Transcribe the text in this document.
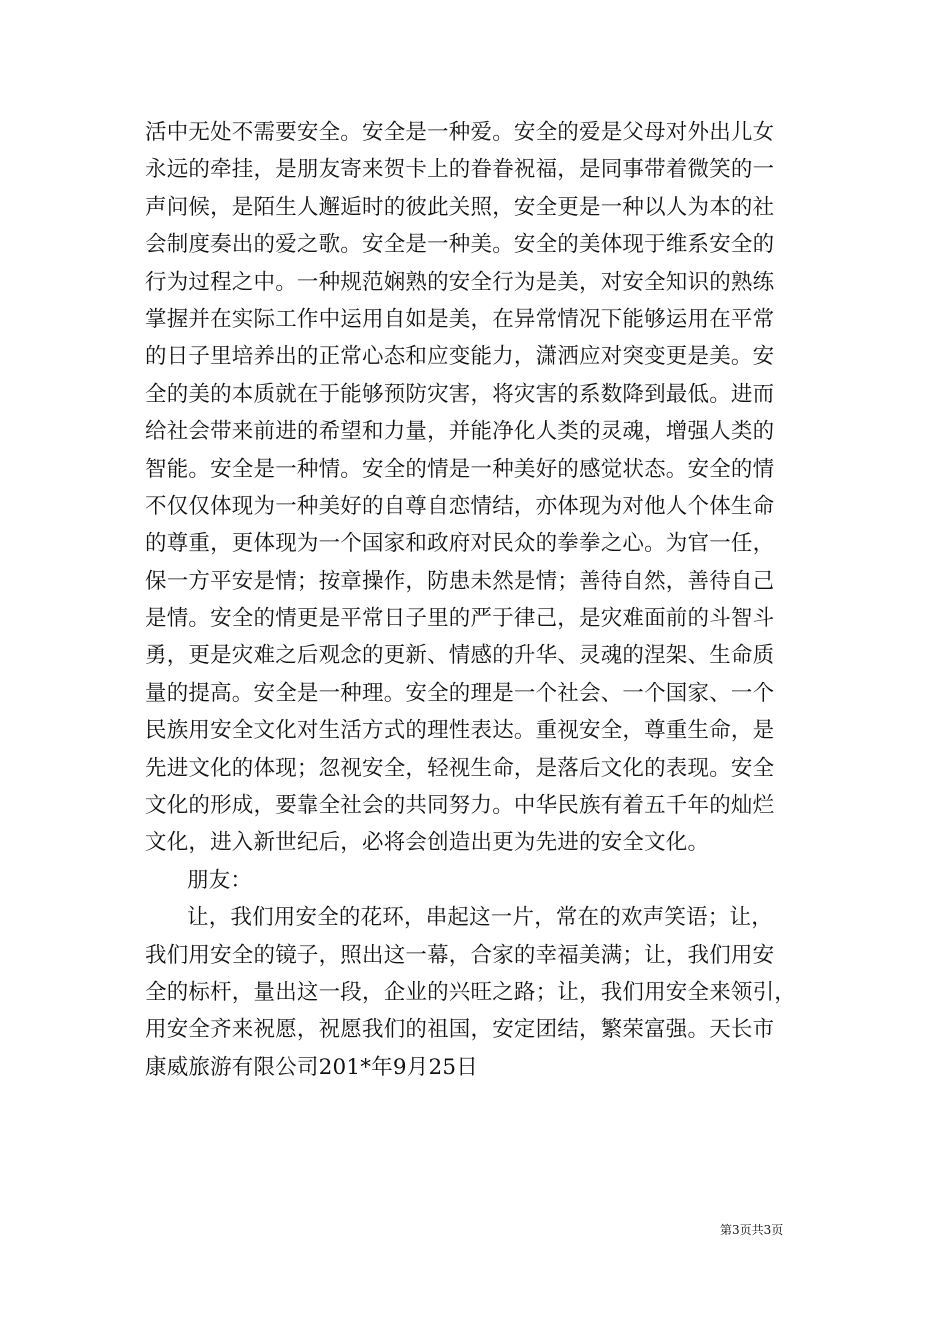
活中无处不需要安全。安全是一种爱。安全的爱是父母对外出儿女
永远的牵挂，是朋友寄来贺卡上的眷眷祝福，是同事带着微笑的一
声问候，是陌生人邂逅时的彼此关照，安全更是一种以人为本的社
会制度奏出的爱之歌。安全是一种美。安全的美体现于维系安全的
行为过程之中。一种规范娴熟的安全行为是美，对安全知识的熟练
掌握并在实际工作中运用自如是美，在异常情况下能够运用在平常
的日子里培养出的正常心态和应变能力，潇洒应对突变更是美。安
全的美的本质就在于能够预防灾害，将灾害的系数降到最低。进而
给社会带来前进的希望和力量，并能净化人类的灵魂，增强人类的
智能。安全是一种情。安全的情是一种美好的感觉状态。安全的情
不仅仅体现为一种美好的自尊自恋情结，亦体现为对他人个体生命
的尊重，更体现为一个国家和政府对民众的拳拳之心。为官一任，
保一方平安是情；按章操作，防患未然是情；善待自然，善待自己
是情。安全的情更是平常日子里的严于律己，是灾难面前的斗智斗
勇，更是灾难之后观念的更新、情感的升华、灵魂的涅架、生命质
量的提高。安全是一种理。安全的理是一个社会、一个国家、一个
民族用安全文化对生活方式的理性表达。重视安全，尊重生命，是
先进文化的体现；忽视安全，轻视生命，是落后文化的表现。安全
文化的形成，要靠全社会的共同努力。中华民族有着五千年的灿烂
文化，进入新世纪后，必将会创造出更为先进的安全文化。
朋友：
让，我们用安全的花环，串起这一片，常在的欢声笑语；让，
我们用安全的镜子，照出这一幕，合家的幸福美满；让，我们用安
全的标杆，量出这一段，企业的兴旺之路；让，我们用安全来领引，
用安全齐来祝愿，祝愿我们的祖国，安定团结，繁荣富强。天长市
康威旅游有限公司201*年9月25日
第3页共3页
